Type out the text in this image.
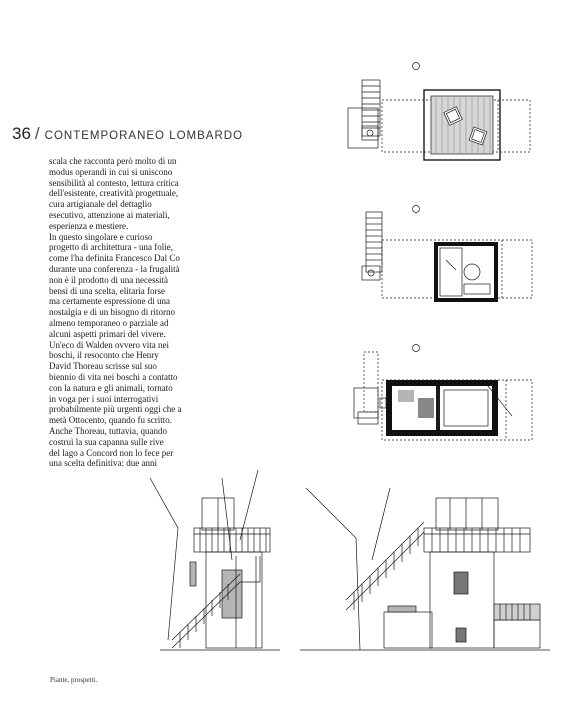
36 / CONTEMPORANEO LOMBARDO
scala che racconta però molto di un
modus operandi in cui si uniscono
sensibilità al contesto, lettura critica
dell'esistente, creatività progettuale,
cura artigianale del dettaglio
esecutivo, attenzione ai materiali,
esperienza e mestiere.
In questo singolare e curioso
progetto di architettura - una folie,
come l'ha definita Francesco Dal Co
durante una conferenza - la frugalità
non è il prodotto di una necessità
bensì di una scelta, elitaria forse
ma certamente espressione di una
nostalgia e di un bisogno di ritorno
almeno temporaneo o parziale ad
alcuni aspetti primari del vivere.
Un'eco di Walden ovvero vita nei
boschi, il resoconto che Henry
David Thoreau scrisse sul suo
biennio di vita nei boschi a contatto
con la natura e gli animali, tornato
in voga per i suoi interrogativi
probabilmente più urgenti oggi che a
metà Ottocento, quando fu scritto.
Anche Thoreau, tuttavia, quando
costruì la sua capanna sulle rive
del lago a Concord non lo fece per
una scelta definitiva: due anni
Piante, prospetti.
